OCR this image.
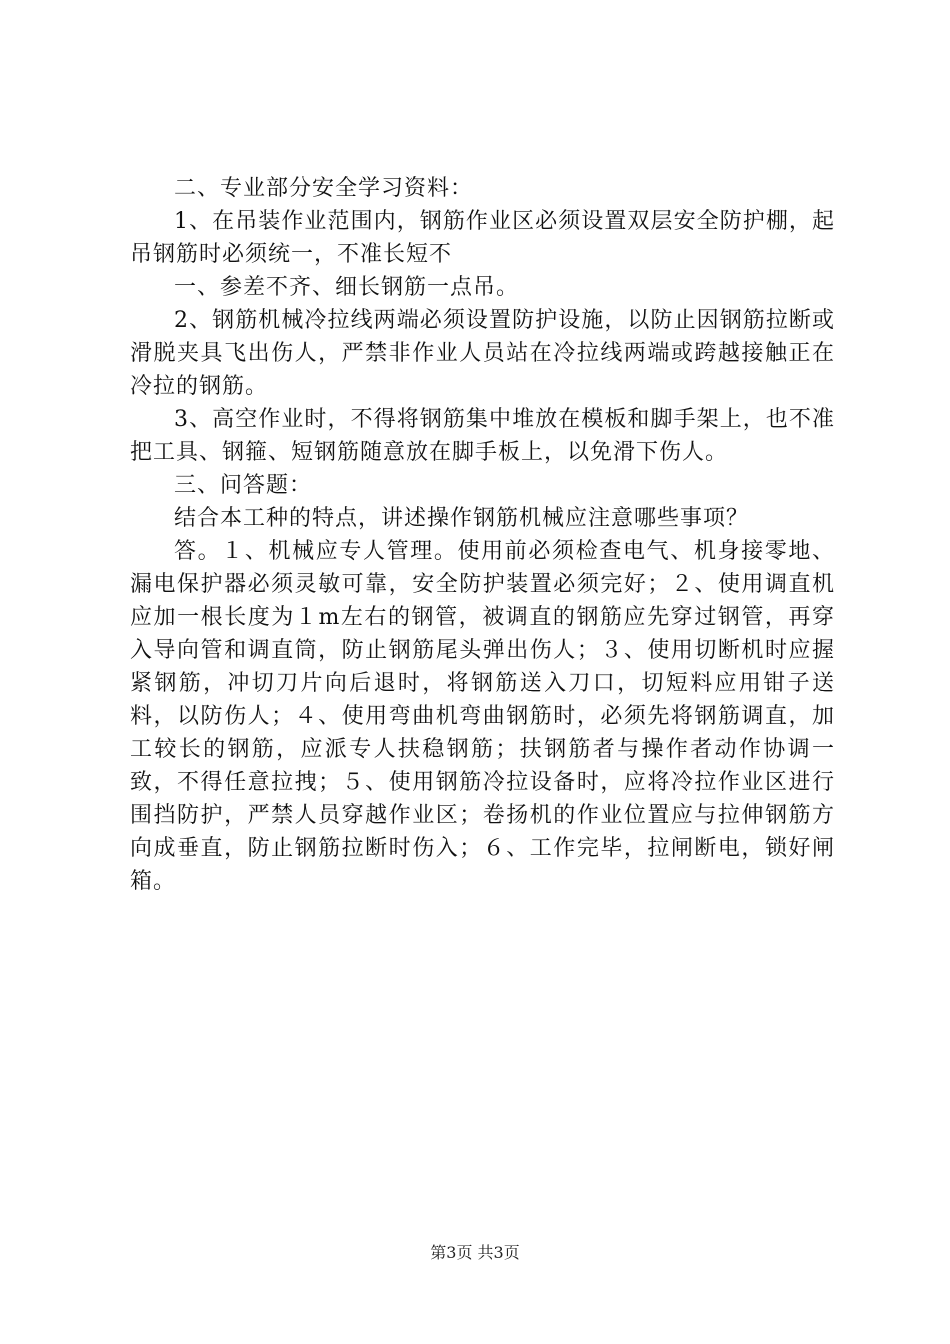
二、专业部分安全学习资料：

1、在吊装作业范围内，钢筋作业区必须设置双层安全防护棚，起吊钢筋时必须统一，不准长短不

一、参差不齐、细长钢筋一点吊。

2、钢筋机械冷拉线两端必须设置防护设施，以防止因钢筋拉断或滑脱夹具飞出伤人，严禁非作业人员站在冷拉线两端或跨越接触正在冷拉的钢筋。

3、高空作业时，不得将钢筋集中堆放在模板和脚手架上，也不准把工具、钢箍、短钢筋随意放在脚手板上，以免滑下伤人。

三、问答题：

结合本工种的特点，讲述操作钢筋机械应注意哪些事项？

答。１、机械应专人管理。使用前必须检查电气、机身接零地、漏电保护器必须灵敏可靠，安全防护装置必须完好；２、使用调直机应加一根长度为１m左右的钢管，被调直的钢筋应先穿过钢管，再穿入导向管和调直筒，防止钢筋尾头弹出伤人；３、使用切断机时应握紧钢筋，冲切刀片向后退时，将钢筋送入刀口，切短料应用钳子送料，以防伤人；４、使用弯曲机弯曲钢筋时，必须先将钢筋调直，加工较长的钢筋，应派专人扶稳钢筋；扶钢筋者与操作者动作协调一致，不得任意拉拽；５、使用钢筋冷拉设备时，应将冷拉作业区进行围挡防护，严禁人员穿越作业区；卷扬机的作业位置应与拉伸钢筋方向成垂直，防止钢筋拉断时伤入；６、工作完毕，拉闸断电，锁好闸箱。

第3页 共3页
